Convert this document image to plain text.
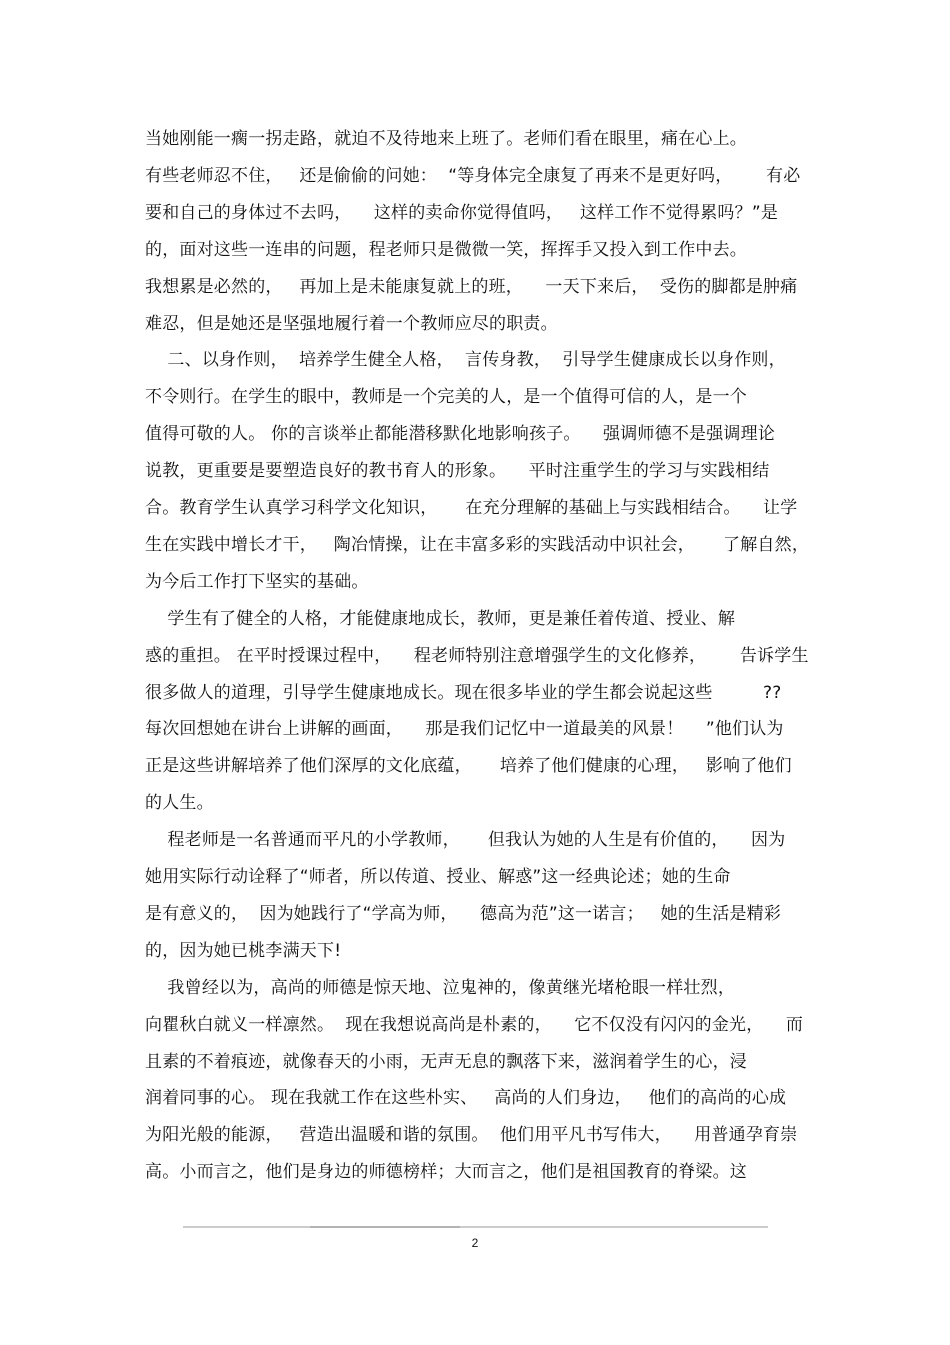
当她刚能一瘸一拐走路，就迫不及待地来上班了。老师们看在眼里，痛在心上。
有些老师忍不住，   还是偷偷的问她：  “等身体完全康复了再来不是更好吗，      有必
要和自己的身体过不去吗，    这样的卖命你觉得值吗，   这样工作不觉得累吗？”是
的，面对这些一连串的问题，程老师只是微微一笑，挥挥手又投入到工作中去。
我想累是必然的，   再加上是未能康复就上的班，    一天下来后，  受伤的脚都是肿痛
难忍，但是她还是坚强地履行着一个教师应尽的职责。
二、以身作则，  培养学生健全人格，  言传身教，  引导学生健康成长以身作则，
不令则行。在学生的眼中，教师是一个完美的人，是一个值得可信的人，是一个
值得可敬的人。 你的言谈举止都能潜移默化地影响孩子。    强调师德不是强调理论
说教，更重要是要塑造良好的教书育人的形象。    平时注重学生的学习与实践相结
合。教育学生认真学习科学文化知识，     在充分理解的基础上与实践相结合。    让学
生在实践中增长才干，   陶冶情操，让在丰富多彩的实践活动中识社会，     了解自然，
为今后工作打下坚实的基础。
学生有了健全的人格，才能健康地成长，教师，更是兼任着传道、授业、解
惑的重担。 在平时授课过程中，    程老师特别注意增强学生的文化修养，      告诉学生
很多做人的道理，引导学生健康地成长。现在很多毕业的学生都会说起这些         ??
每次回想她在讲台上讲解的画面，    那是我们记忆中一道最美的风景！    ”他们认为
正是这些讲解培养了他们深厚的文化底蕴，     培养了他们健康的心理，   影响了他们
的人生。
程老师是一名普通而平凡的小学教师，     但我认为她的人生是有价值的，    因为
她用实际行动诠释了“师者，所以传道、授业、解惑”这一经典论述；她的生命
是有意义的，  因为她践行了“学高为师，    德高为范”这一诺言；   她的生活是精彩
的，因为她已桃李满天下!
我曾经以为，高尚的师德是惊天地、泣鬼神的，像黄继光堵枪眼一样壮烈，
向瞿秋白就义一样凛然。  现在我想说高尚是朴素的，    它不仅没有闪闪的金光，    而
且素的不着痕迹，就像春天的小雨，无声无息的飘落下来，滋润着学生的心，浸
润着同事的心。 现在我就工作在这些朴实、   高尚的人们身边，   他们的高尚的心成
为阳光般的能源，   营造出温暖和谐的氛围。  他们用平凡书写伟大，    用普通孕育崇
高。小而言之，他们是身边的师德榜样；大而言之，他们是祖国教育的脊梁。这
2
